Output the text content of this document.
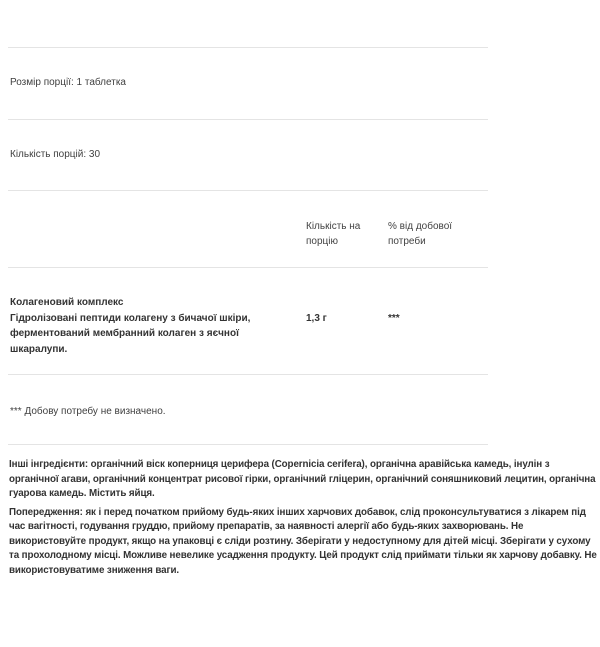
Розмір порції: 1 таблетка
Кількість порцій: 30
Кількість на порцію
% від добової потреби
Колагеновий комплекс
Гідролізовані пептиди колагену з бичачої шкіри, ферментований мембранний колаген з яєчної шкаралупи.
1,3 г	***
*** Добову потребу не визначено.

Інші інгредієнти: органічний віск коперниця церифера (Copernicia cerifera), органічна аравійська камедь, інулін з органічної агави, органічний концентрат рисової гірки, органічний гліцерин, органічний соняшниковий лецитин, органічна гуарова камедь. Містить яйця.

Попередження: як і перед початком прийому будь-яких інших харчових добавок, слід проконсультуватися з лікарем під час вагітності, годування груддю, прийому препаратів, за наявності алергії або будь-яких захворювань. Не використовуйте продукт, якщо на упаковці є сліди розтину. Зберігати у недоступному для дітей місці. Зберігати у сухому та прохолодному місці. Можливе невелике усадження продукту. Цей продукт слід приймати тільки як харчову добавку. Не використовуватиме зниження ваги.
